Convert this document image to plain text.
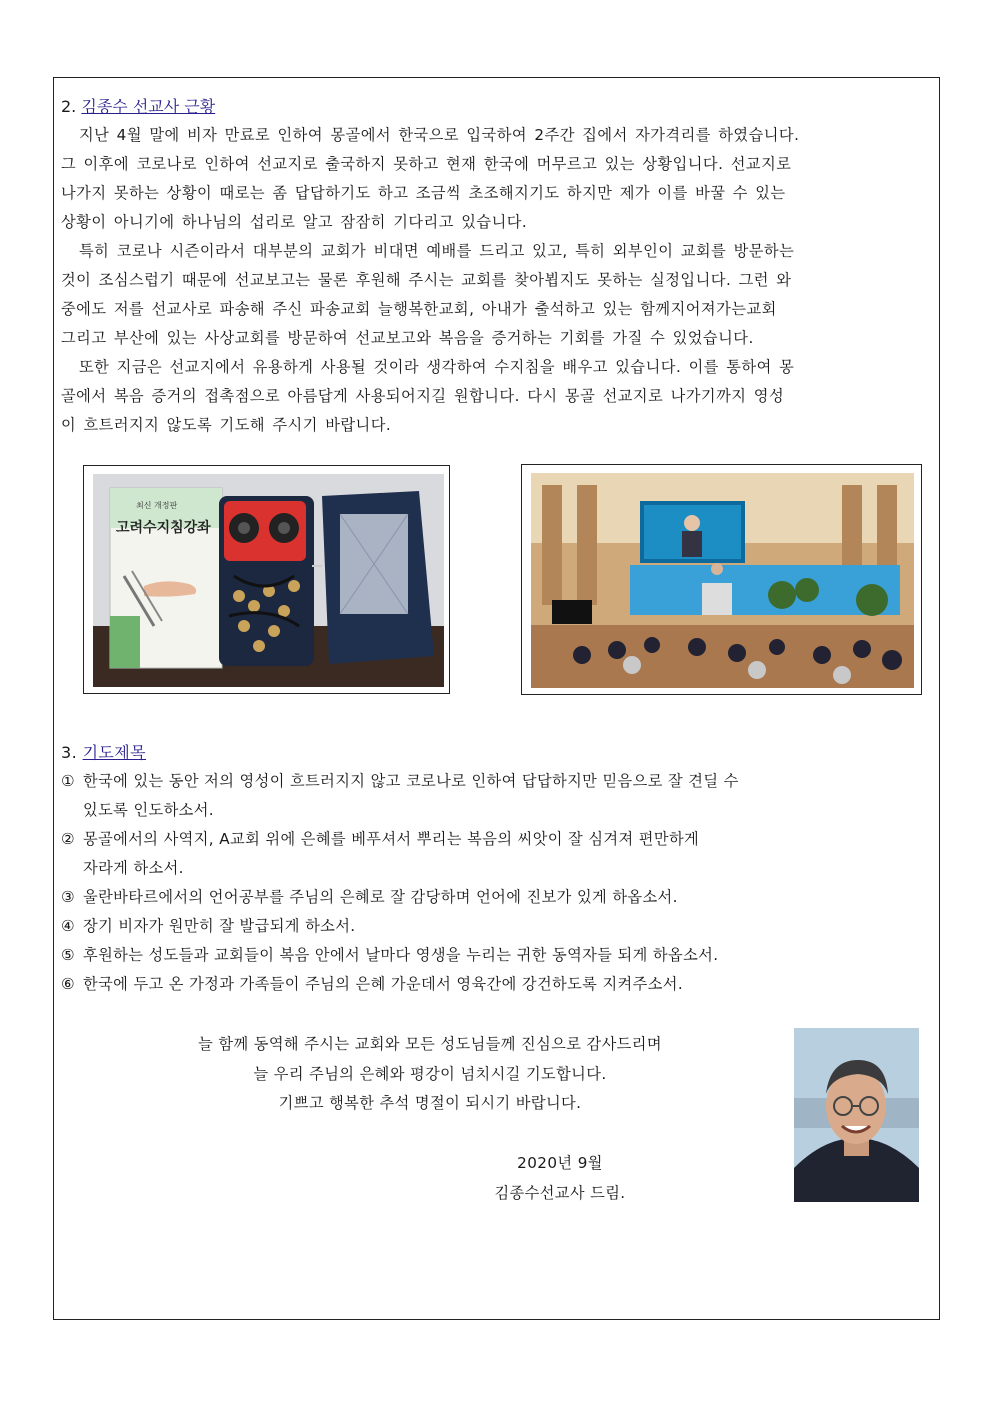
2. 김종수 선교사 근황
지난 4월 말에 비자 만료로 인하여 몽골에서 한국으로 입국하여 2주간 집에서 자가격리를 하였습니다.
그 이후에 코로나로 인하여 선교지로 출국하지 못하고 현재 한국에 머무르고 있는 상황입니다. 선교지로
나가지 못하는 상황이 때로는 좀 답답하기도 하고 조금씩 초조해지기도 하지만 제가 이를 바꿀 수 있는
상황이 아니기에 하나님의 섭리로 알고 잠잠히 기다리고 있습니다.
특히 코로나 시즌이라서 대부분의 교회가 비대면 예배를 드리고 있고, 특히 외부인이 교회를 방문하는
것이 조심스럽기 때문에 선교보고는 물론 후원해 주시는 교회를 찾아뵙지도 못하는 실정입니다. 그런 와
중에도 저를 선교사로 파송해 주신 파송교회 늘행복한교회, 아내가 출석하고 있는 함께지어져가는교회
그리고 부산에 있는 사상교회를 방문하여 선교보고와 복음을 증거하는 기회를 가질 수 있었습니다.
또한 지금은 선교지에서 유용하게 사용될 것이라 생각하여 수지침을 배우고 있습니다. 이를 통하여 몽
골에서 복음 증거의 접촉점으로 아름답게 사용되어지길 원합니다. 다시 몽골 선교지로 나가기까지 영성
이 흐트러지지 않도록 기도해 주시기 바랍니다.
최신 개정판
고려수지침강좌
3. 기도제목
① 한국에 있는 동안 저의 영성이 흐트러지지 않고 코로나로 인하여 답답하지만 믿음으로 잘 견딜 수
있도록 인도하소서.
② 몽골에서의 사역지, A교회 위에 은혜를 베푸셔서 뿌리는 복음의 씨앗이 잘 심겨져 편만하게
자라게 하소서.
③ 울란바타르에서의 언어공부를 주님의 은혜로 잘 감당하며 언어에 진보가 있게 하옵소서.
④ 장기 비자가 원만히 잘 발급되게 하소서.
⑤ 후원하는 성도들과 교회들이 복음 안에서 날마다 영생을 누리는 귀한 동역자들 되게 하옵소서.
⑥ 한국에 두고 온 가정과 가족들이 주님의 은혜 가운데서 영육간에 강건하도록 지켜주소서.
늘 함께 동역해 주시는 교회와 모든 성도님들께 진심으로 감사드리며
늘 우리 주님의 은혜와 평강이 넘치시길 기도합니다.
기쁘고 행복한 추석 명절이 되시기 바랍니다.
2020년 9월
김종수선교사 드림.
